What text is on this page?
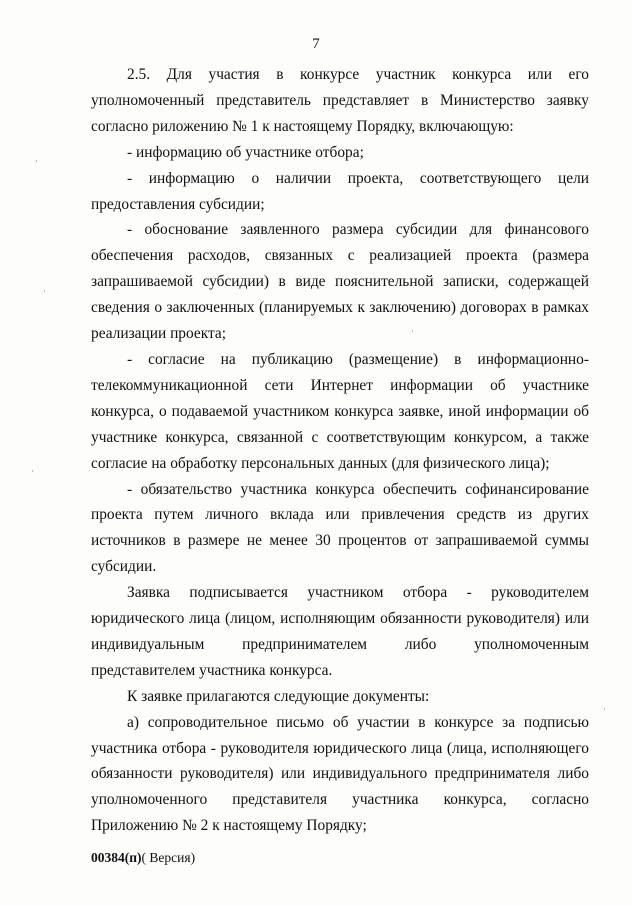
7

2.5. Для участия в конкурсе участник конкурса или его уполномоченный представитель представляет в Министерство заявку согласно риложению № 1 к настоящему Порядку, включающую:

- информацию об участнике отбора;

- информацию о наличии проекта, соответствующего цели предоставления субсидии;

- обоснование заявленного размера субсидии для финансового обеспечения расходов, связанных с реализацией проекта (размера запрашиваемой субсидии) в виде пояснительной записки, содержащей сведения о заключенных (планируемых к заключению) договорах в рамках реализации проекта;

- согласие на публикацию (размещение) в информационно-телекоммуникационной сети Интернет информации об участнике конкурса, о подаваемой участником конкурса заявке, иной информации об участнике конкурса, связанной с соответствующим конкурсом, а также согласие на обработку персональных данных (для физического лица);

- обязательство участника конкурса обеспечить софинансирование проекта путем личного вклада или привлечения средств из других источников в размере не менее 30 процентов от запрашиваемой суммы субсидии.

Заявка подписывается участником отбора - руководителем юридического лица (лицом, исполняющим обязанности руководителя) или индивидуальным предпринимателем либо уполномоченным представителем участника конкурса.

К заявке прилагаются следующие документы:

а) сопроводительное письмо об участии в конкурсе за подписью участника отбора - руководителя юридического лица (лица, исполняющего обязанности руководителя) или индивидуального предпринимателя либо уполномоченного представителя участника конкурса, согласно Приложению № 2 к настоящему Порядку;

00384(п)( Версия)
